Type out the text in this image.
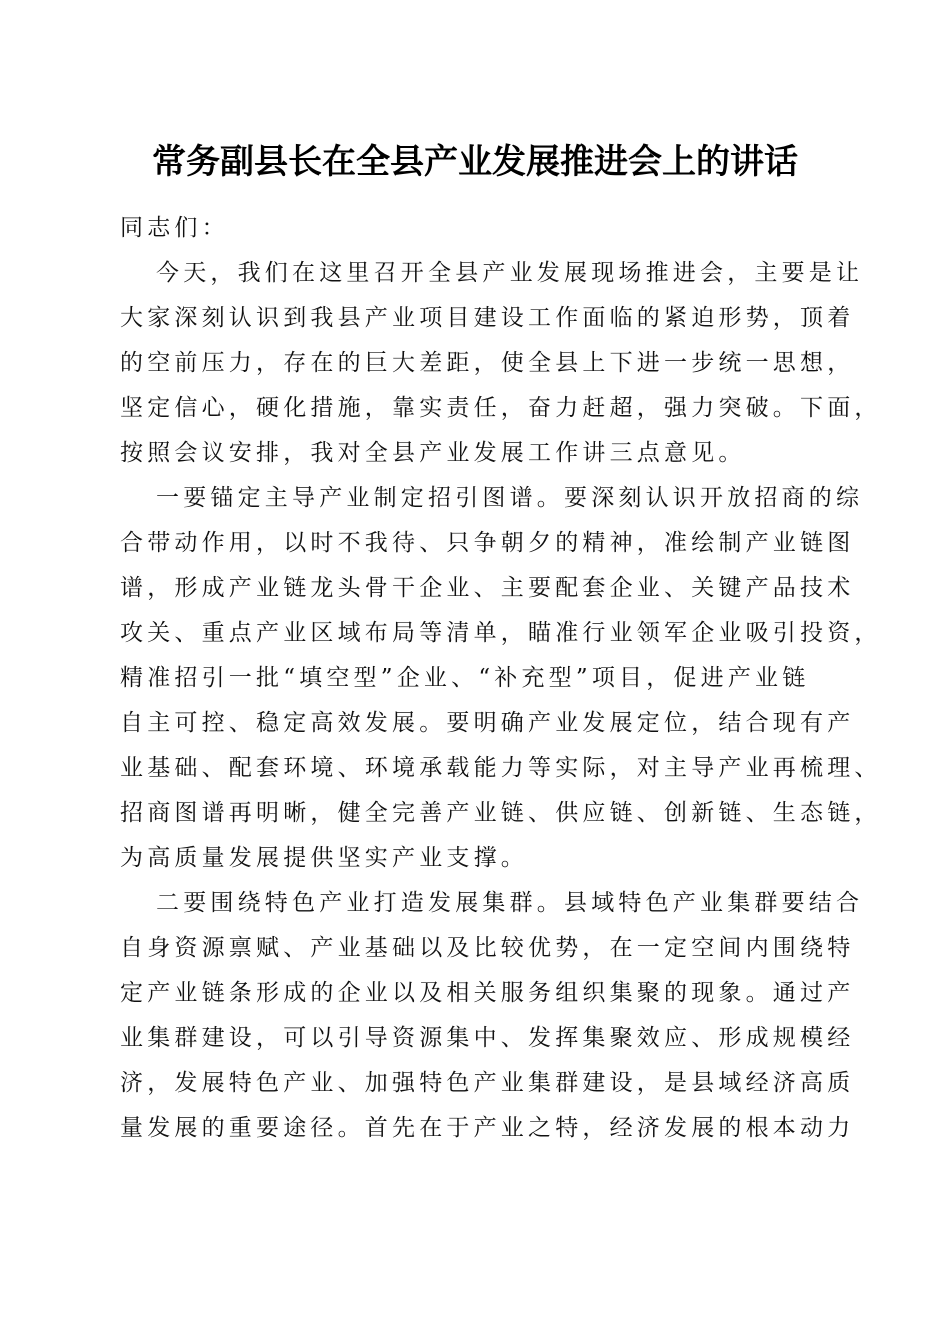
常务副县长在全县产业发展推进会上的讲话

同志们：

今天，我们在这里召开全县产业发展现场推进会，主要是让

大家深刻认识到我县产业项目建设工作面临的紧迫形势，顶着

的空前压力，存在的巨大差距，使全县上下进一步统一思想，

坚定信心，硬化措施，靠实责任，奋力赶超，强力突破。下面，

按照会议安排，我对全县产业发展工作讲三点意见。

一要锚定主导产业制定招引图谱。要深刻认识开放招商的综

合带动作用，以时不我待、只争朝夕的精神，准绘制产业链图

谱，形成产业链龙头骨干企业、主要配套企业、关键产品技术

攻关、重点产业区域布局等清单，瞄准行业领军企业吸引投资，

精准招引一批“填空型”企业、“补充型”项目，促进产业链

自主可控、稳定高效发展。要明确产业发展定位，结合现有产

业基础、配套环境、环境承载能力等实际，对主导产业再梳理、

招商图谱再明晰，健全完善产业链、供应链、创新链、生态链，

为高质量发展提供坚实产业支撑。

二要围绕特色产业打造发展集群。县域特色产业集群要结合

自身资源禀赋、产业基础以及比较优势，在一定空间内围绕特

定产业链条形成的企业以及相关服务组织集聚的现象。通过产

业集群建设，可以引导资源集中、发挥集聚效应、形成规模经

济，发展特色产业、加强特色产业集群建设，是县域经济高质

量发展的重要途径。首先在于产业之特，经济发展的根本动力
